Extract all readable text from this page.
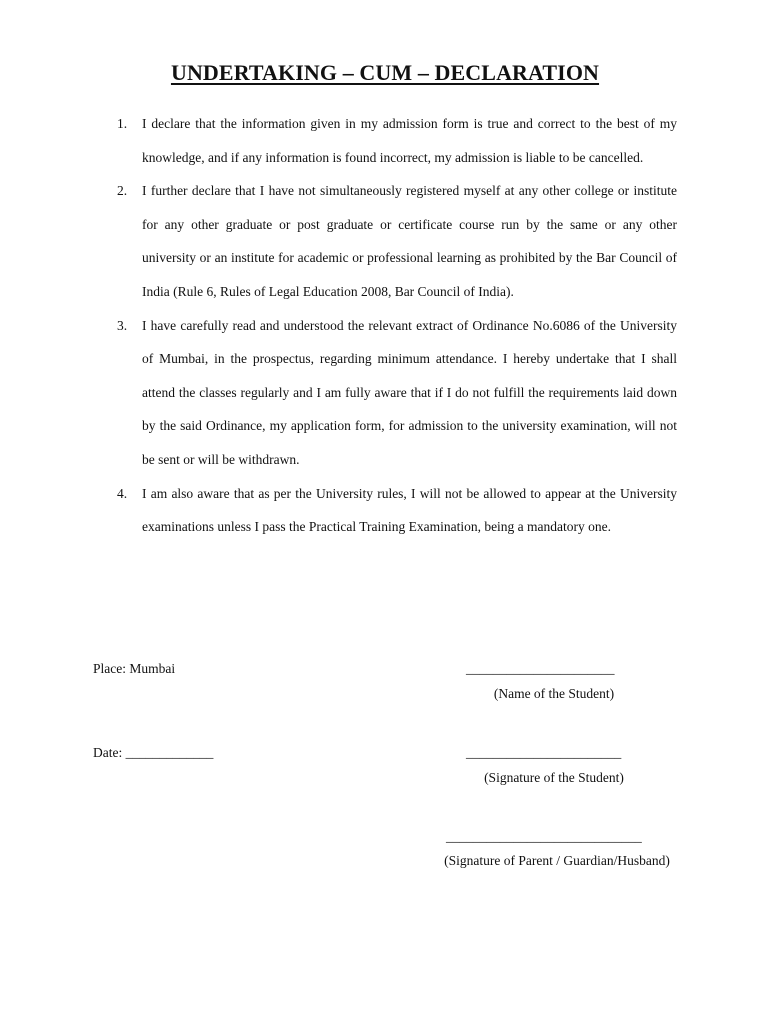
UNDERTAKING – CUM – DECLARATION
1. I declare that the information given in my admission form is true and correct to the best of my knowledge, and if any information is found incorrect, my admission is liable to be cancelled.
2. I further declare that I have not simultaneously registered myself at any other college or institute for any other graduate or post graduate or certificate course run by the same or any other university or an institute for academic or professional learning as prohibited by the Bar Council of India (Rule 6, Rules of Legal Education 2008, Bar Council of India).
3. I have carefully read and understood the relevant extract of Ordinance No.6086 of the University of Mumbai, in the prospectus, regarding minimum attendance. I hereby undertake that I shall attend the classes regularly and I am fully aware that if I do not fulfill the requirements laid down by the said Ordinance, my application form, for admission to the university examination, will not be sent or will be withdrawn.
4. I am also aware that as per the University rules, I will not be allowed to appear at the University examinations unless I pass the Practical Training Examination, being a mandatory one.
Place: Mumbai	______________________
(Name of the Student)
Date: _____________	_______________________
(Signature of the Student)
_____________________________
(Signature of Parent / Guardian/Husband)
